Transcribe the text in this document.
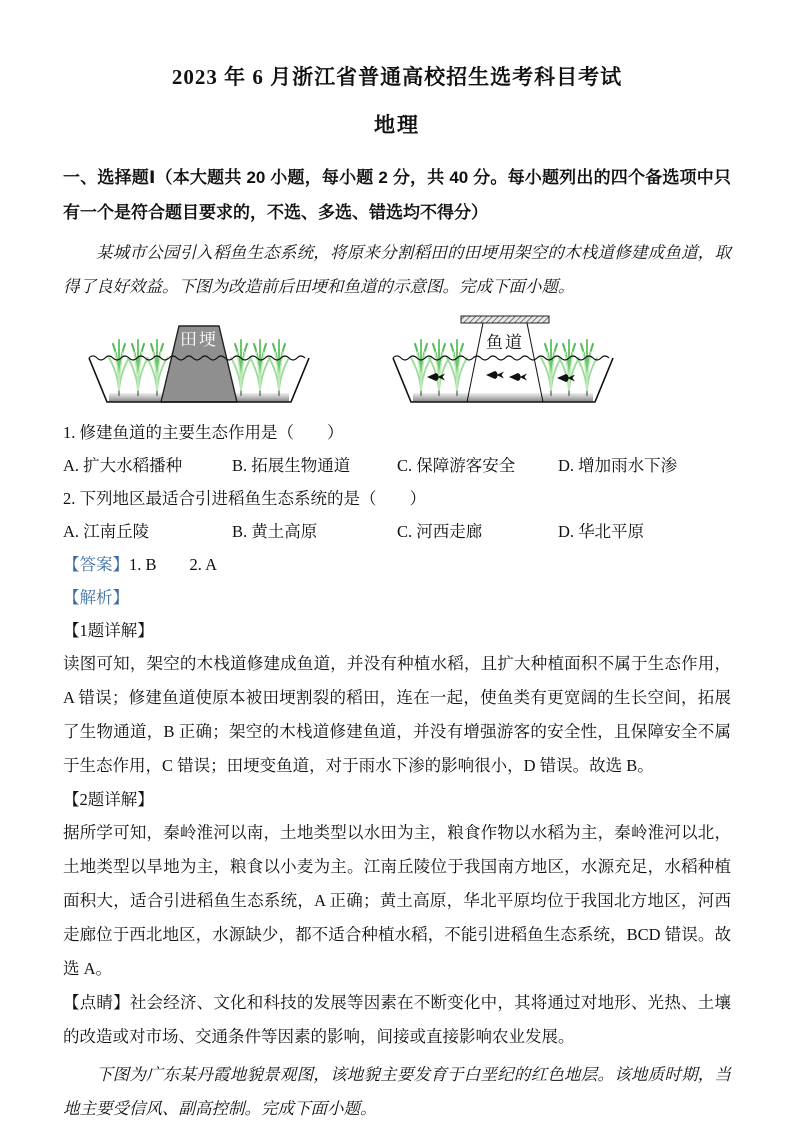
2023 年 6 月浙江省普通高校招生选考科目考试
地理
一、选择题Ⅰ（本大题共 20 小题，每小题 2 分，共 40 分。每小题列出的四个备选项中只有一个是符合题目要求的，不选、多选、错选均不得分）
某城市公园引入稻鱼生态系统，将原来分割稻田的田埂用架空的木栈道修建成鱼道，取得了良好效益。下图为改造前后田埂和鱼道的示意图。完成下面小题。
田埂	鱼道
1. 修建鱼道的主要生态作用是（　　）
A. 扩大水稻播种	B. 拓展生物通道	C. 保障游客安全	D. 增加雨水下渗
2. 下列地区最适合引进稻鱼生态系统的是（　　）
A. 江南丘陵	B. 黄土高原	C. 河西走廊	D. 华北平原
【答案】1. B　　2. A
【解析】
【1题详解】

读图可知，架空的木栈道修建成鱼道，并没有种植水稻，且扩大种植面积不属于生态作用，A 错误；修建鱼道使原本被田埂割裂的稻田，连在一起，使鱼类有更宽阔的生长空间，拓展了生物通道，B 正确；架空的木栈道修建鱼道，并没有增强游客的安全性，且保障安全不属于生态作用，C 错误；田埂变鱼道，对于雨水下渗的影响很小，D 错误。故选 B。

【2题详解】

据所学可知，秦岭淮河以南，土地类型以水田为主，粮食作物以水稻为主，秦岭淮河以北，土地类型以旱地为主，粮食以小麦为主。江南丘陵位于我国南方地区，水源充足，水稻种植面积大，适合引进稻鱼生态系统，A 正确；黄土高原，华北平原均位于我国北方地区，河西走廊位于西北地区，水源缺少，都不适合种植水稻，不能引进稻鱼生态系统，BCD 错误。故选 A。

【点睛】社会经济、文化和科技的发展等因素在不断变化中，其将通过对地形、光热、土壤的改造或对市场、交通条件等因素的影响，间接或直接影响农业发展。

下图为广东某丹霞地貌景观图，该地貌主要发育于白垩纪的红色地层。该地质时期，当地主要受信风、副高控制。完成下面小题。
